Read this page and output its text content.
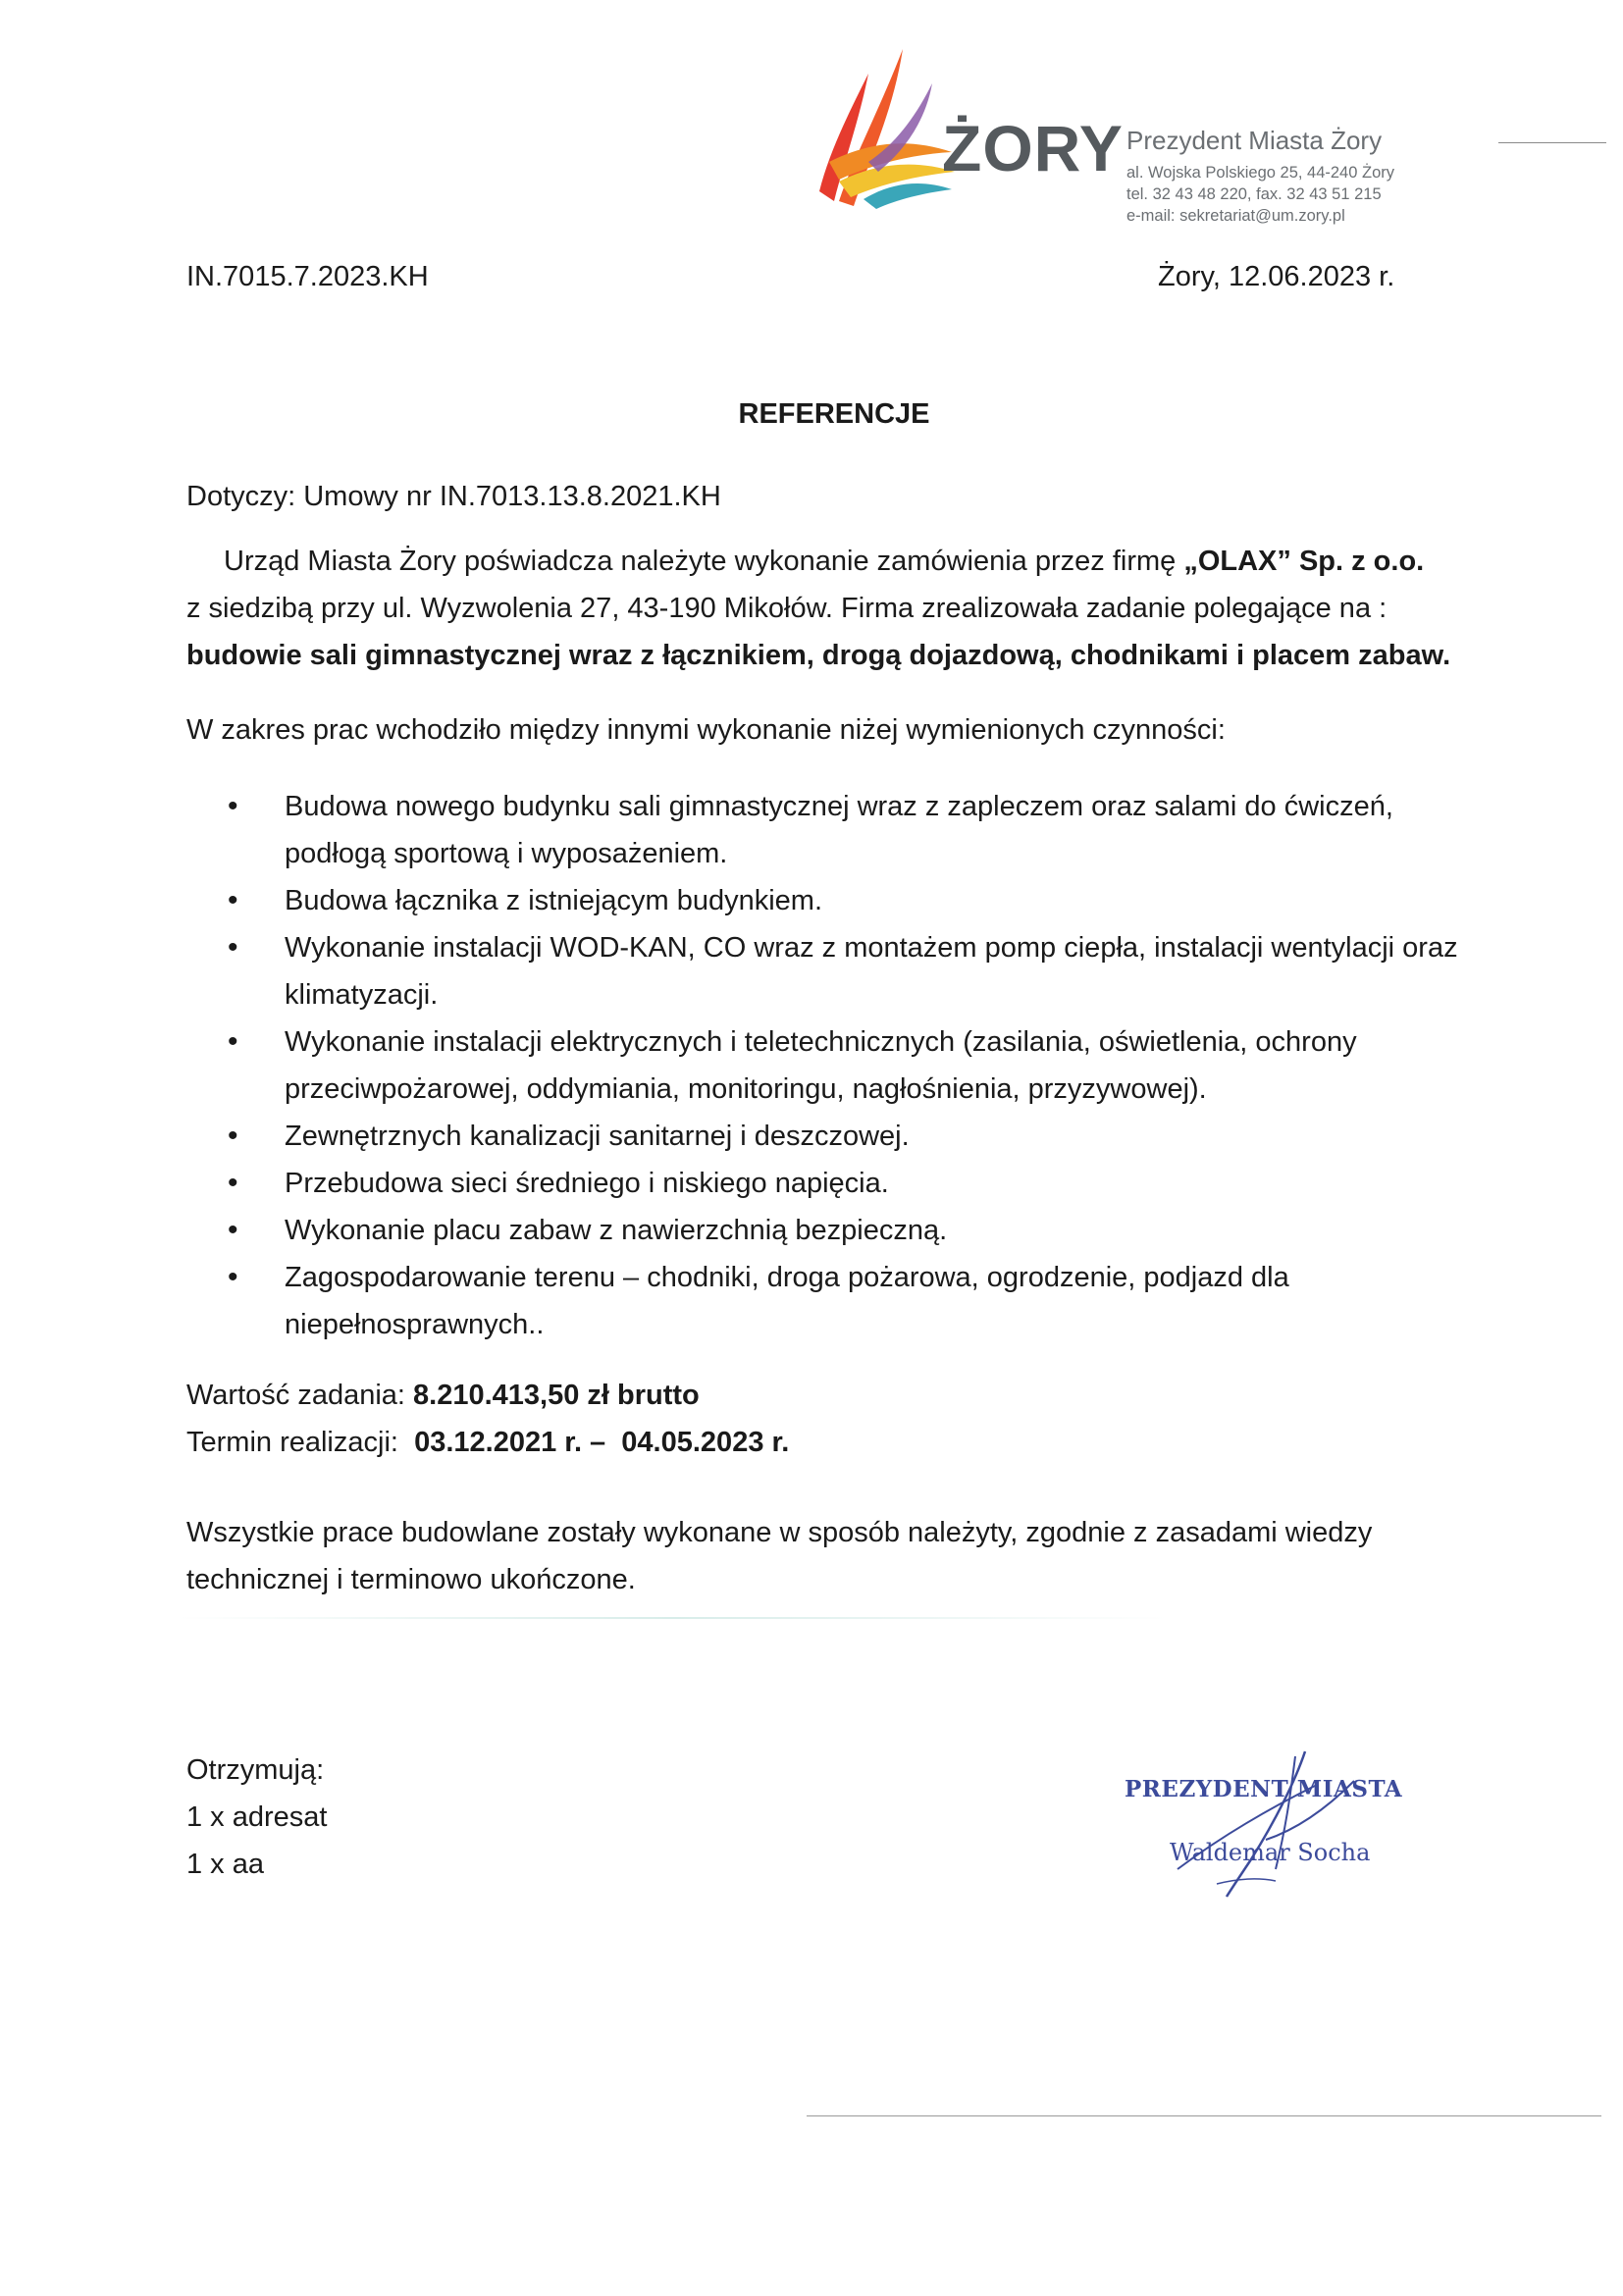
ŻORY Prezydent Miasta Żory
al. Wojska Polskiego 25, 44-240 Żory
tel. 32 43 48 220, fax. 32 43 51 215
e-mail: sekretariat@um.zory.pl
IN.7015.7.2023.KH	Żory, 12.06.2023 r.
REFERENCJE
Dotyczy: Umowy nr IN.7013.13.8.2021.KH
Urząd Miasta Żory poświadcza należyte wykonanie zamówienia przez firmę „OLAX” Sp. z o.o.
z siedzibą przy ul. Wyzwolenia 27, 43-190 Mikołów. Firma zrealizowała zadanie polegające na :
budowie sali gimnastycznej wraz z łącznikiem, drogą dojazdową, chodnikami i placem zabaw.
W zakres prac wchodziło między innymi wykonanie niżej wymienionych czynności:
• Budowa nowego budynku sali gimnastycznej wraz z zapleczem oraz salami do ćwiczeń, podłogą sportową i wyposażeniem.
• Budowa łącznika z istniejącym budynkiem.
• Wykonanie instalacji WOD-KAN, CO wraz z montażem pomp ciepła, instalacji wentylacji oraz klimatyzacji.
• Wykonanie instalacji elektrycznych i teletechnicznych (zasilania, oświetlenia, ochrony przeciwpożarowej, oddymiania, monitoringu, nagłośnienia, przyzywowej).
• Zewnętrznych kanalizacji sanitarnej i deszczowej.
• Przebudowa sieci średniego i niskiego napięcia.
• Wykonanie placu zabaw z nawierzchnią bezpieczną.
• Zagospodarowanie terenu – chodniki, droga pożarowa, ogrodzenie, podjazd dla niepełnosprawnych..
Wartość zadania: 8.210.413,50 zł brutto
Termin realizacji:  03.12.2021 r. –  04.05.2023 r.
Wszystkie prace budowlane zostały wykonane w sposób należyty, zgodnie z zasadami wiedzy technicznej i terminowo ukończone.
Otrzymują:
1 x adresat
1 x aa
PREZYDENT MIASTA
Waldemar Socha
